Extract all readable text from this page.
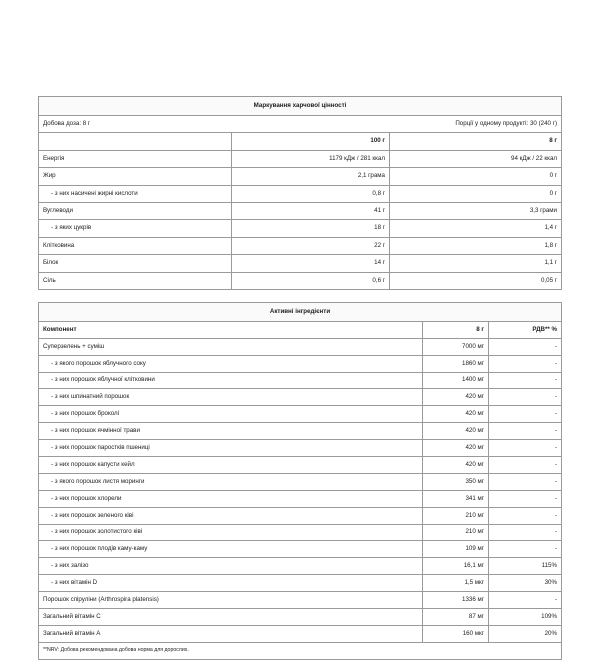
Маркування харчової цінності		
Добова доза: 8 г	Порції у одному продукті: 30 (240 г)	
	100 г	8 г
Енергія	1179 кДж / 281 ккал	94 кДж / 22 ккал
Жир	2,1 грама	0 г
- з них насичені жирні кислоти	0,8 г	0 г
Вуглеводи	41 г	3,3 грами
- з яких цукрів	18 г	1,4 г
Клітковина	22 г	1,8 г
Білок	14 г	1,1 г
Сіль	0,6 г	0,05 г
Активні інгредієнти		
Компонент	8 г	РДВ** %
Суперзелень + суміш	7000 мг	-
- з якого порошок яблучного соку	1860 мг	-
- з них порошок яблучної клітковини	1400 мг	-
- з них шпинатний порошок	420 мг	-
- з них порошок броколі	420 мг	-
- з них порошок ячмінної трави	420 мг	-
- з них порошок паростків пшениці	420 мг	-
- з них порошок капусти кейл	420 мг	-
- з якого порошок листя моринги	350 мг	-
- з них порошок хлорели	341 мг	-
- з них порошок зеленого ківі	210 мг	-
- з них порошок золотистого ківі	210 мг	-
- з них порошок плодів каму-каму	109 мг	-
- з них залізо	16,1 мг	115%
- з них вітамін D	1,5 мкг	30%
Порошок спіруліни (Arthrospira platensis)	1336 мг	-
Загальний вітамін С	87 мг	109%
Загальний вітамін А	160 мкг	20%
**NRV: Добова рекомендована добова норма для дорослих.		
